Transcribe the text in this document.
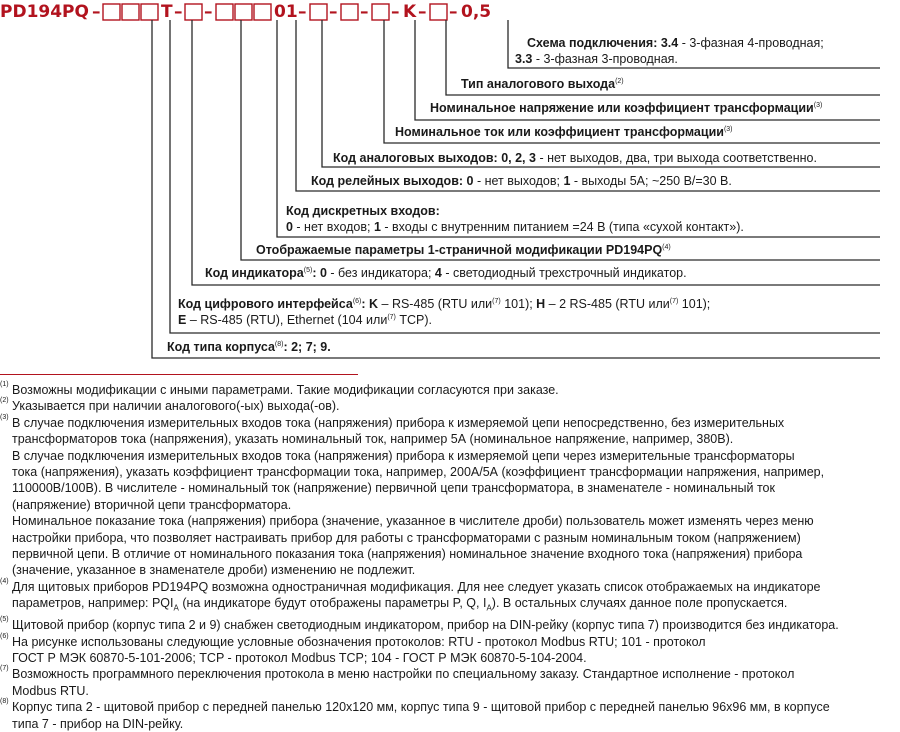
PD194PQ –	T – –	01 – – – – K – – 0,5
Схема подключения: 3.4 - 3-фазная 4-проводная;
3.3 - 3-фазная 3-проводная.
Тип аналогового выхода$^{(2)}$
Номинальное напряжение или коэффициент трансформации$^{(3)}$
Номинальное ток или коэффициент трансформации$^{(3)}$
Код аналоговых выходов: 0, 2, 3 - нет выходов, два, три выхода соответственно.
Код релейных выходов: 0 - нет выходов; 1 - выходы 5А; ~250 В/=30 В.
Код дискретных входов:
0 - нет входов; 1 - входы с внутренним питанием =24 В (типа «сухой контакт»).
Отображаемые параметры 1-страничной модификации PD194PQ$^{(4)}$
Код индикатора$^{(5)}$: 0 - без индикатора; 4 - светодиодный трехстрочный индикатор.
Код цифрового интерфейса$^{(6)}$: K – RS-485 (RTU или$^{(7)}$ 101); H – 2 RS-485 (RTU или$^{(7)}$ 101);
E – RS-485 (RTU), Ethernet (104 или$^{(7)}$ TCP).
Код типа корпуса$^{(8)}$: 2; 7; 9.
(1) Возможны модификации с иными параметрами. Такие модификации согласуются при заказе.
(2) Указывается при наличии аналогового(-ых) выхода(-ов).
(3) В случае подключения измерительных входов тока (напряжения) прибора к измеряемой цепи непосредственно, без измерительных
трансформаторов тока (напряжения), указать номинальный ток, например 5А (номинальное напряжение, например, 380В).
В случае подключения измерительных входов тока (напряжения) прибора к измеряемой цепи через измерительные трансформаторы
тока (напряжения), указать коэффициент трансформации тока, например, 200А/5А (коэффициент трансформации напряжения, например,
110000В/100В). В числителе - номинальный ток (напряжение) первичной цепи трансформатора, в знаменателе - номинальный ток
(напряжение) вторичной цепи трансформатора.
Номинальное показание тока (напряжения) прибора (значение, указанное в числителе дроби) пользователь может изменять через меню
настройки прибора, что позволяет настраивать прибор для работы с трансформаторами с разным номинальным током (напряжением)
первичной цепи. В отличие от номинального показания тока (напряжения) номинальное значение входного тока (напряжения) прибора
(значение, указанное в знаменателе дроби) изменению не подлежит.
(4) Для щитовых приборов PD194PQ возможна одностраничная модификация. Для нее следует указать список отображаемых на индикаторе
параметров, например: $PQI_A$ (на индикаторе будут отображены параметры P, Q, $I_A$). В остальных случаях данное поле пропускается.
(5) Щитовой прибор (корпус типа 2 и 9) снабжен светодиодным индикатором, прибор на DIN-рейку (корпус типа 7) производится без индикатора.
(6) На рисунке использованы следующие условные обозначения протоколов: RTU - протокол Modbus RTU; 101 - протокол
ГОСТ Р МЭК 60870-5-101-2006; TCP - протокол Modbus TCP; 104 - ГОСТ Р МЭК 60870-5-104-2004.
(7) Возможность программного переключения протокола в меню настройки по специальному заказу. Стандартное исполнение - протокол
Modbus RTU.
(8) Корпус типа 2 - щитовой прибор с передней панелью 120х120 мм, корпус типа 9 - щитовой прибор с передней панелью 96х96 мм, в корпусе
типа 7 - прибор на DIN-рейку.
